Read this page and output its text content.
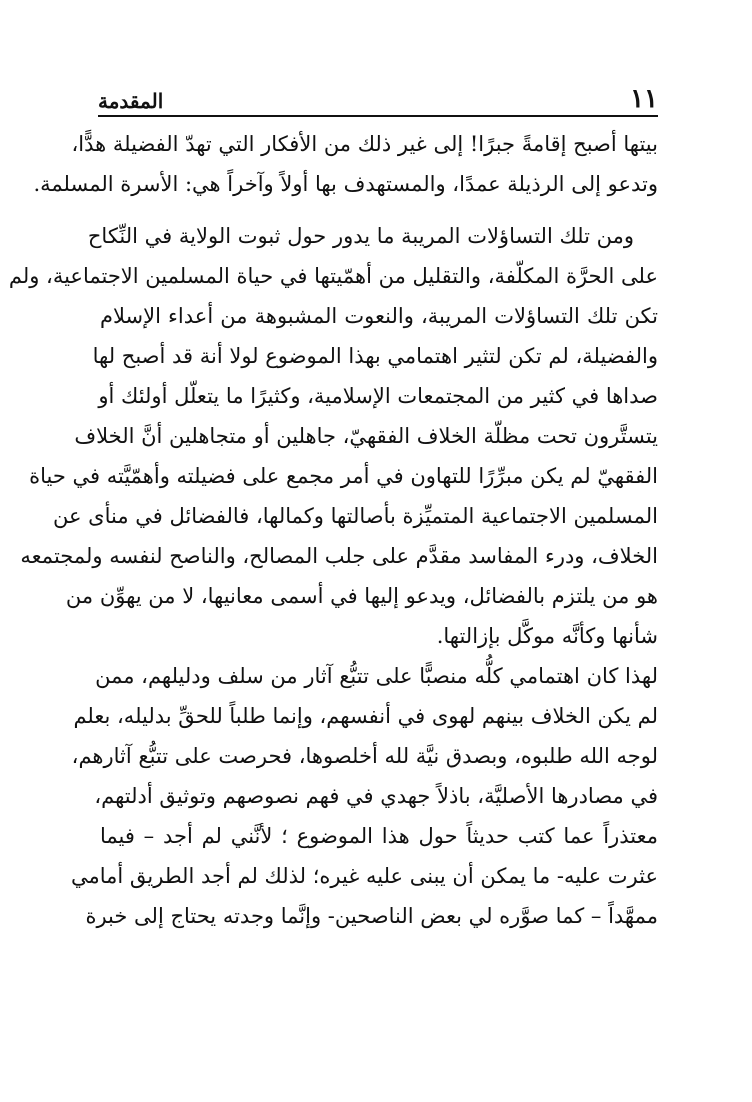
١١
المقدمة
بيتها أصبح إقامةً جبرًا! إلى غير ذلك من الأفكار التي تهدّ الفضيلة هدًّا،
وتدعو إلى الرذيلة عمدًا، والمستهدف بها أولاً وآخراً هي: الأسرة المسلمة.
ومن تلك التساؤلات المريبة ما يدور حول ثبوت الولاية في النِّكاح
على الحرَّة المكلّفة، والتقليل من أهمّيتها في حياة المسلمين الاجتماعية، ولم
تكن تلك التساؤلات المريبة، والنعوت المشبوهة من أعداء الإسلام
والفضيلة، لم تكن لتثير اهتمامي بهذا الموضوع لولا أنة قد أصبح لها
صداها في كثير من المجتمعات الإسلامية، وكثيرًا ما يتعلّل أولئك أو
يتستَّرون تحت مظلّة الخلاف الفقهيّ، جاهلين أو متجاهلين أنَّ الخلاف
الفقهيّ لم يكن مبرِّرًا للتهاون في أمر مجمع على فضيلته وأهمّيَّته في حياة
المسلمين الاجتماعية المتميِّزة بأصالتها وكمالها، فالفضائل في منأى عن
الخلاف، ودرء المفاسد مقدَّم على جلب المصالح، والناصح لنفسه ولمجتمعه
هو من يلتزم بالفضائل، ويدعو إليها في أسمى معانيها، لا من يهوِّن من
شأنها وكأنَّه موكَّل بإزالتها.
لهذا كان اهتمامي كلُّه منصبًّا على تتبُّع آثار من سلف ودليلهم، ممن
لم يكن الخلاف بينهم لهوى في أنفسهم، وإنما طلباً للحقِّ بدليله، بعلم
لوجه الله طلبوه، وبصدق نيَّة لله أخلصوها، فحرصت على تتبُّع آثارهم،
في مصادرها الأصليَّة، باذلاً جهدي في فهم نصوصهم وتوثيق أدلتهم،
معتذراً عما كتب حديثاً حول هذا الموضوع ؛ لأنَّني لم أجد – فيما
عثرت عليه- ما يمكن أن يبنى عليه غيره؛ لذلك لم أجد الطريق أمامي
ممهَّداً – كما صوَّره لي بعض الناصحين- وإنَّما وجدته يحتاج إلى خبرة
